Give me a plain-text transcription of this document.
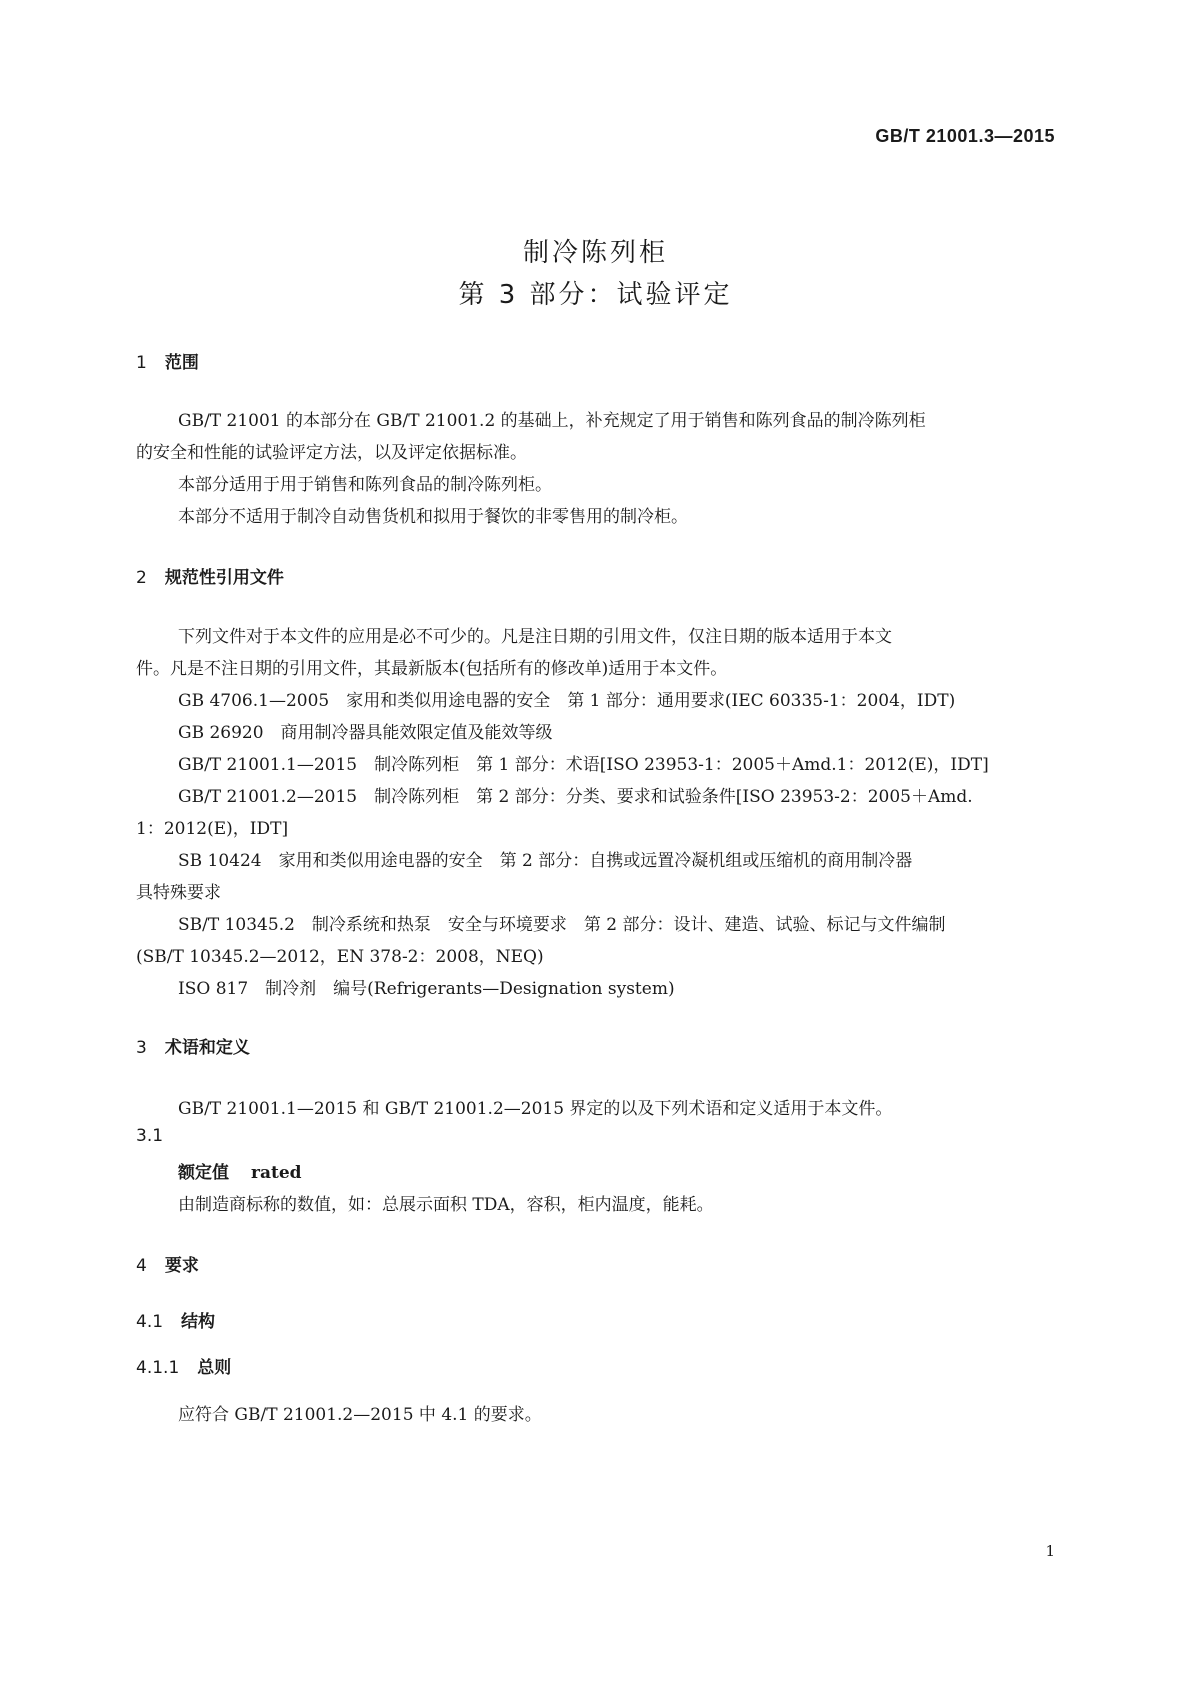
GB/T 21001.3—2015
制冷陈列柜
第 3 部分：试验评定
1 范围
GB/T 21001 的本部分在 GB/T 21001.2 的基础上，补充规定了用于销售和陈列食品的制冷陈列柜
的安全和性能的试验评定方法，以及评定依据标准。
本部分适用于用于销售和陈列食品的制冷陈列柜。
本部分不适用于制冷自动售货机和拟用于餐饮的非零售用的制冷柜。
2 规范性引用文件
下列文件对于本文件的应用是必不可少的。凡是注日期的引用文件，仅注日期的版本适用于本文
件。凡是不注日期的引用文件，其最新版本(包括所有的修改单)适用于本文件。
GB 4706.1—2005　家用和类似用途电器的安全　第 1 部分：通用要求(IEC 60335-1：2004，IDT)
GB 26920　商用制冷器具能效限定值及能效等级
GB/T 21001.1—2015　制冷陈列柜　第 1 部分：术语[ISO 23953-1：2005＋Amd.1：2012(E)，IDT]
GB/T 21001.2—2015　制冷陈列柜　第 2 部分：分类、要求和试验条件[ISO 23953-2：2005＋Amd.
1：2012(E)，IDT]
SB 10424　家用和类似用途电器的安全　第 2 部分：自携或远置冷凝机组或压缩机的商用制冷器
具特殊要求
SB/T 10345.2　制冷系统和热泵　安全与环境要求　第 2 部分：设计、建造、试验、标记与文件编制
(SB/T 10345.2—2012，EN 378-2：2008，NEQ)
ISO 817　制冷剂　编号(Refrigerants—Designation system)
3 术语和定义
GB/T 21001.1—2015 和 GB/T 21001.2—2015 界定的以及下列术语和定义适用于本文件。
3.1
额定值 rated
由制造商标称的数值，如：总展示面积 TDA，容积，柜内温度，能耗。
4 要求
4.1 结构
4.1.1 总则
应符合 GB/T 21001.2—2015 中 4.1 的要求。
1
